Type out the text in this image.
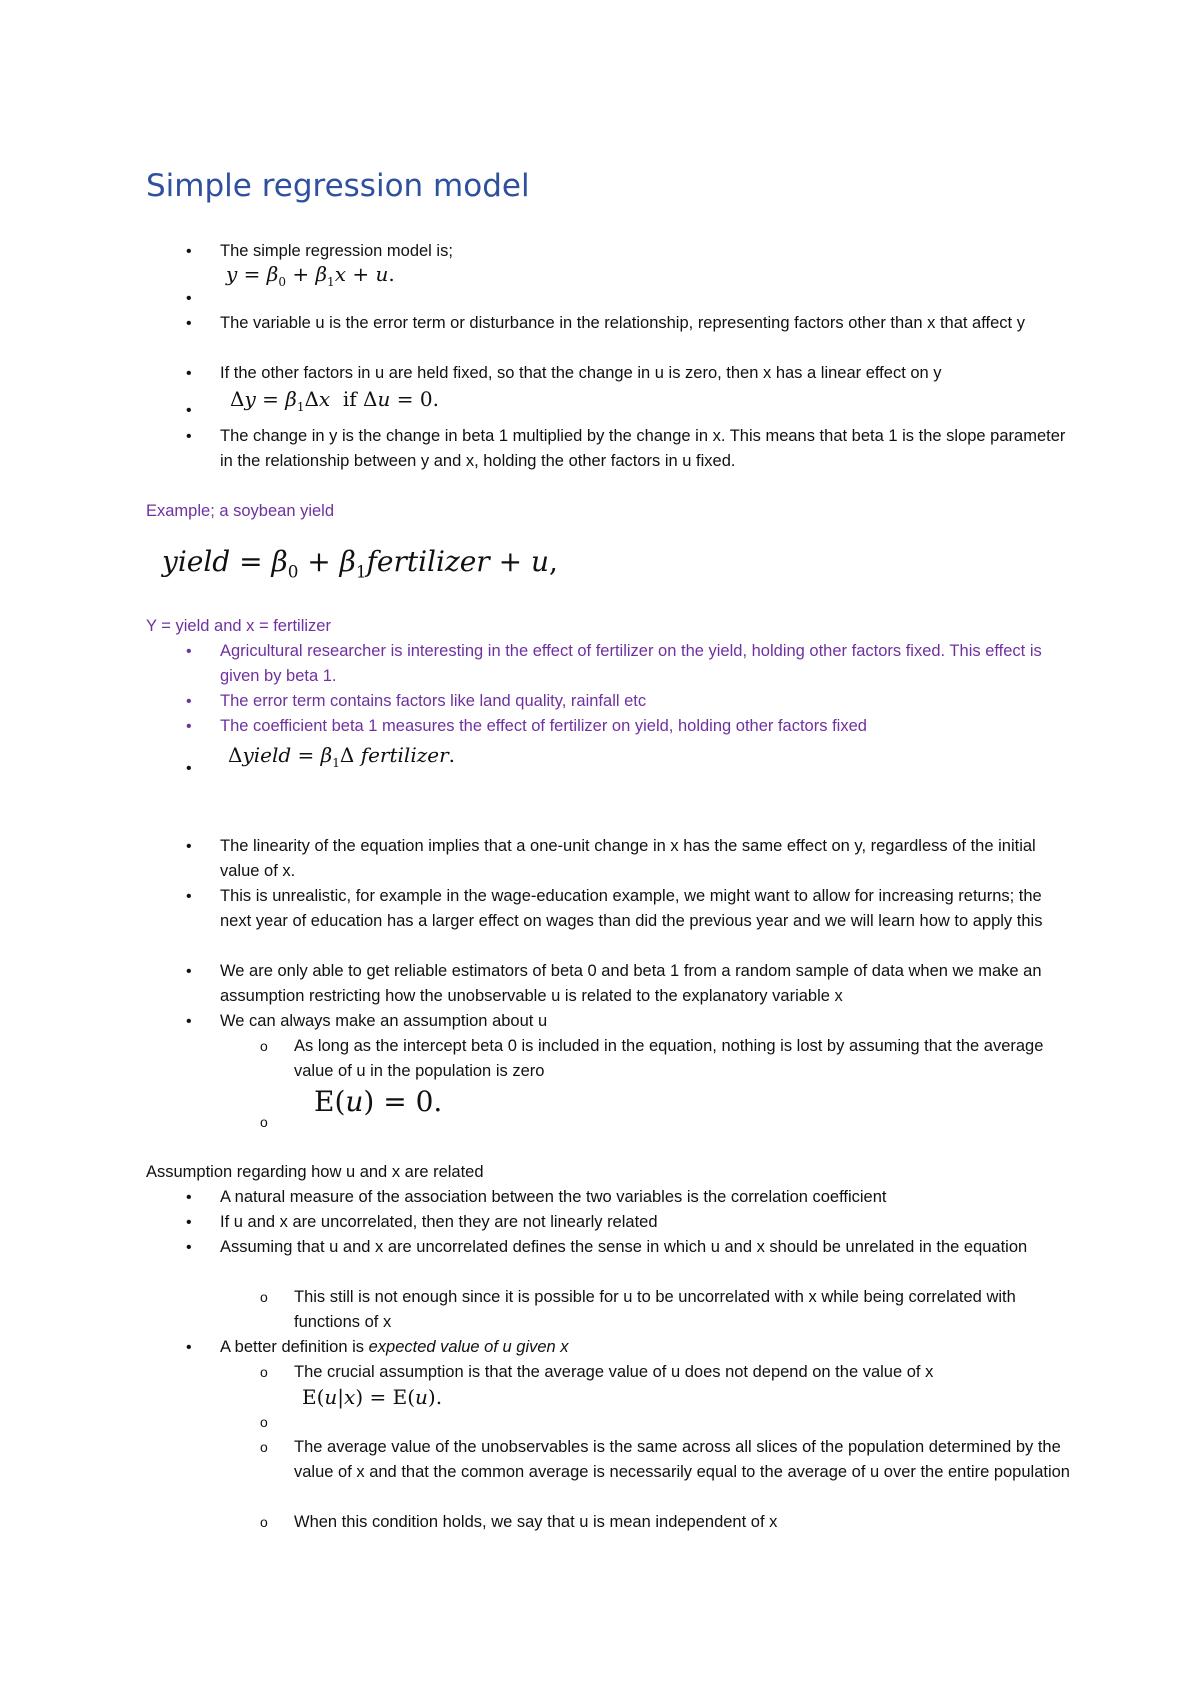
Simple regression model
• The simple regression model is;
$y = \beta_0 + \beta_1x + u$.
•
• The variable u is the error term or disturbance in the relationship, representing factors other than x that affect y
• If the other factors in u are held fixed, so that the change in u is zero, then x has a linear effect on y
$\Delta y = \beta_1\Delta x$  if Δu = 0.
•
• The change in y is the change in beta 1 multiplied by the change in x. This means that beta 1 is the slope parameter in the relationship between y and x, holding the other factors in u fixed.
Example; a soybean yield
yield = $\beta_0$ + $\beta_1fertilizer + u$,
Y = yield and x = fertilizer
• Agricultural researcher is interesting in the effect of fertilizer on the yield, holding other factors fixed. This effect is given by beta 1.
• The error term contains factors like land quality, rainfall etc
• The coefficient beta 1 measures the effect of fertilizer on yield, holding other factors fixed
Δyield = $\beta_1\Delta$ fertilizer.
•
• The linearity of the equation implies that a one-unit change in x has the same effect on y, regardless of the initial value of x.
• This is unrealistic, for example in the wage-education example, we might want to allow for increasing returns; the next year of education has a larger effect on wages than did the previous year and we will learn how to apply this
• We are only able to get reliable estimators of beta 0 and beta 1 from a random sample of data when we make an assumption restricting how the unobservable u is related to the explanatory variable x
• We can always make an assumption about u
o As long as the intercept beta 0 is included in the equation, nothing is lost by assuming that the average value of u in the population is zero
E(u) = 0.
o
Assumption regarding how u and x are related
• A natural measure of the association between the two variables is the correlation coefficient
• If u and x are uncorrelated, then they are not linearly related
• Assuming that u and x are uncorrelated defines the sense in which u and x should be unrelated in the equation
o This still is not enough since it is possible for u to be uncorrelated with x while being correlated with functions of x
• A better definition is expected value of u given x
o The crucial assumption is that the average value of u does not depend on the value of x
E(u|x) = E(u).
o
o The average value of the unobservables is the same across all slices of the population determined by the value of x and that the common average is necessarily equal to the average of u over the entire population
o When this condition holds, we say that u is mean independent of x
